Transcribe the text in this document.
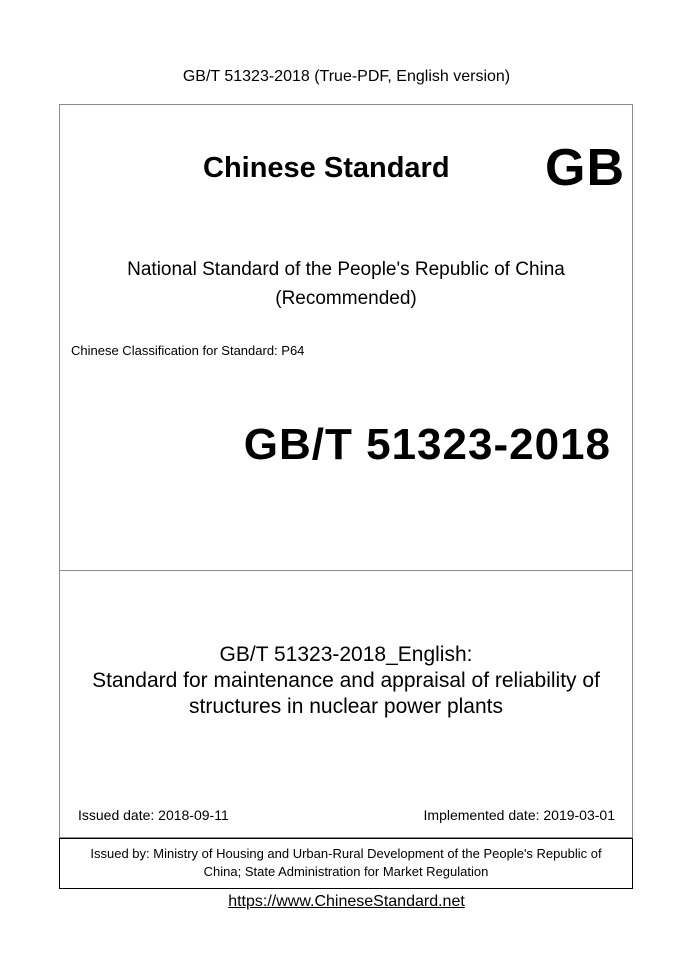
GB/T 51323-2018 (True-PDF, English version)
Chinese Standard GB
National Standard of the People's Republic of China
(Recommended)
Chinese Classification for Standard: P64
GB/T 51323-2018
GB/T 51323-2018_English:
Standard for maintenance and appraisal of reliability of
structures in nuclear power plants
Issued date: 2018-09-11	Implemented date: 2019-03-01
Issued by: Ministry of Housing and Urban-Rural Development of the People's Republic of
China; State Administration for Market Regulation
https://www.ChineseStandard.net
